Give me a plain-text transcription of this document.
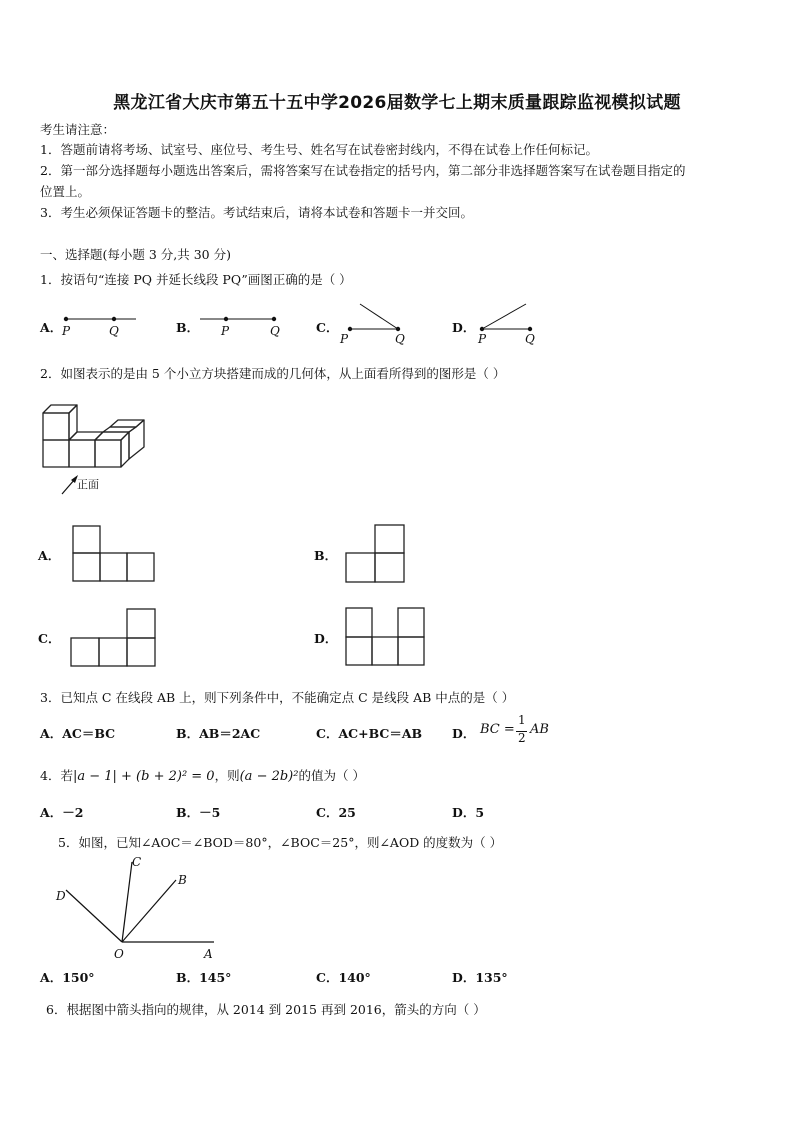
黑龙江省大庆市第五十五中学2026届数学七上期末质量跟踪监视模拟试题
考生请注意：
1．答题前请将考场、试室号、座位号、考生号、姓名写在试卷密封线内，不得在试卷上作任何标记。
2．第一部分选择题每小题选出答案后，需将答案写在试卷指定的括号内，第二部分非选择题答案写在试卷题目指定的
位置上。
3．考生必须保证答题卡的整洁。考试结束后，请将本试卷和答题卡一并交回。
一、选择题(每小题 3 分,共 30 分)
1．按语句“连接 PQ 并延长线段 PQ”画图正确的是（ ）
A．	B．	C．	D．
P	Q	P	Q
P	Q	P	Q
2．如图表示的是由 5 个小立方块搭建而成的几何体，从上面看所得到的图形是（ ）
正面
A．	B．
C．	D．
3．已知点 C 在线段 AB 上，则下列条件中，不能确定点 C 是线段 AB 中点的是（ ）
A．AC＝BC	B．AB＝2AC	C．AC+BC＝AB D． BC =
1
2
AB
4．若|a − 1| + (b + 2)² = 0，则(a − 2b)²的值为（ ）
A．－2	B．－5	C．25	D．5
5．如图，已知∠AOC＝∠BOD＝80°，∠BOC＝25°，则∠AOD 的度数为（ ）
C
B
D
O	A
A．150°	B．145°	C．140°	D．135°
6．根据图中箭头指向的规律，从 2014 到 2015 再到 2016，箭头的方向（ ）
